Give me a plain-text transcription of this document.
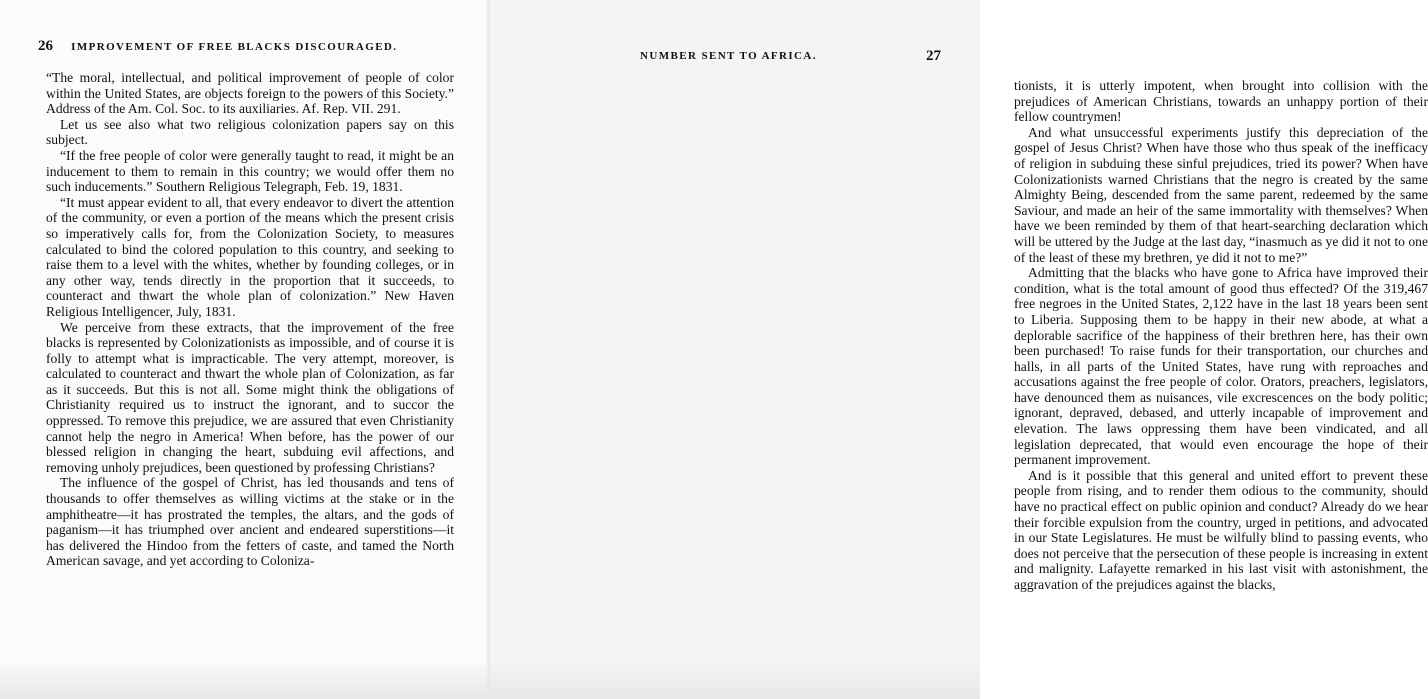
26 IMPROVEMENT OF FREE BLACKS DISCOURAGED.

“The moral, intellectual, and political improvement of people of color within the United States, are objects foreign to the powers of this Society.” Address of the Am. Col. Soc. to its auxiliaries. Af. Rep. VII. 291.

Let us see also what two religious colonization papers say on this subject.

“If the free people of color were generally taught to read, it might be an inducement to them to remain in this country; we would offer them no such inducements.” Southern Religious Telegraph, Feb. 19, 1831.

“It must appear evident to all, that every endeavor to divert the attention of the community, or even a portion of the means which the present crisis so imperatively calls for, from the Colonization Society, to measures calculated to bind the colored population to this country, and seeking to raise them to a level with the whites, whether by founding colleges, or in any other way, tends directly in the proportion that it succeeds, to counteract and thwart the whole plan of colonization.” New Haven Religious Intelligencer, July, 1831.

We perceive from these extracts, that the improvement of the free blacks is represented by Colonizationists as impossible, and of course it is folly to attempt what is impracticable. The very attempt, moreover, is calculated to counteract and thwart the whole plan of Colonization, as far as it succeeds. But this is not all. Some might think the obligations of Christianity required us to instruct the ignorant, and to succor the oppressed. To remove this prejudice, we are assured that even Christianity cannot help the negro in America! When before, has the power of our blessed religion in changing the heart, subduing evil affections, and removing unholy prejudices, been questioned by professing Christians?

The influence of the gospel of Christ, has led thousands and tens of thousands to offer themselves as willing victims at the stake or in the amphitheatre—it has prostrated the temples, the altars, and the gods of paganism—it has triumphed over ancient and endeared superstitions—it has delivered the Hindoo from the fetters of caste, and tamed the North American savage, and yet according to Coloniza-

NUMBER SENT TO AFRICA.	27

tionists, it is utterly impotent, when brought into collision with the prejudices of American Christians, towards an unhappy portion of their fellow countrymen!

And what unsuccessful experiments justify this depreciation of the gospel of Jesus Christ? When have those who thus speak of the inefficacy of religion in subduing these sinful prejudices, tried its power? When have Colonizationists warned Christians that the negro is created by the same Almighty Being, descended from the same parent, redeemed by the same Saviour, and made an heir of the same immortality with themselves? When have we been reminded by them of that heart-searching declaration which will be uttered by the Judge at the last day, “inasmuch as ye did it not to one of the least of these my brethren, ye did it not to me?”

Admitting that the blacks who have gone to Africa have improved their condition, what is the total amount of good thus effected? Of the 319,467 free negroes in the United States, 2,122 have in the last 18 years been sent to Liberia. Supposing them to be happy in their new abode, at what a deplorable sacrifice of the happiness of their brethren here, has their own been purchased! To raise funds for their transportation, our churches and halls, in all parts of the United States, have rung with reproaches and accusations against the free people of color. Orators, preachers, legislators, have denounced them as nuisances, vile excrescences on the body politic; ignorant, depraved, debased, and utterly incapable of improvement and elevation. The laws oppressing them have been vindicated, and all legislation deprecated, that would even encourage the hope of their permanent improvement.

And is it possible that this general and united effort to prevent these people from rising, and to render them odious to the community, should have no practical effect on public opinion and conduct? Already do we hear their forcible expulsion from the country, urged in petitions, and advocated in our State Legislatures. He must be wilfully blind to passing events, who does not perceive that the persecution of these people is increasing in extent and malignity. Lafayette remarked in his last visit with astonishment, the aggravation of the prejudices against the blacks,
